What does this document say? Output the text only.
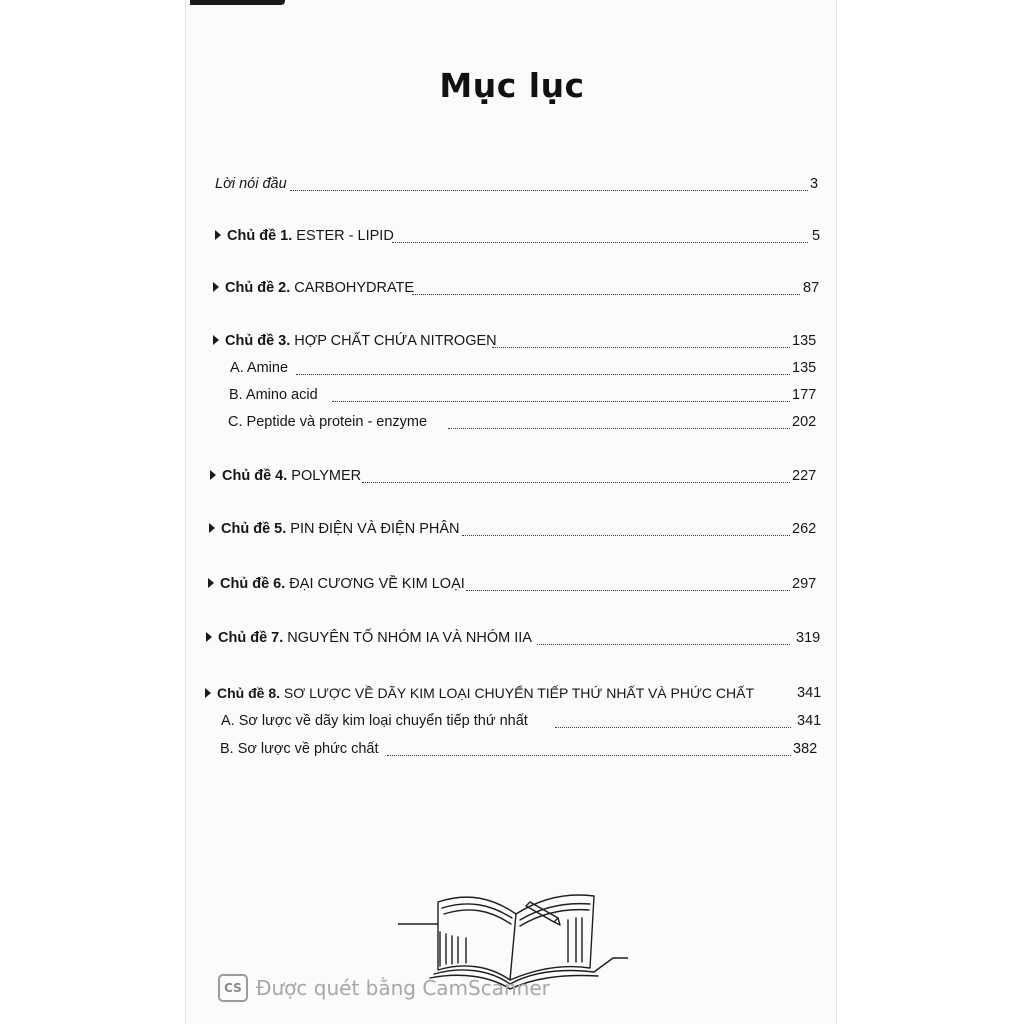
Mục lục
Lời nói đầu	3
Chủ đề 1. ESTER - LIPID	5
Chủ đề 2. CARBOHYDRATE	87
Chủ đề 3. HỢP CHẤT CHỨA NITROGEN	135
A. Amine	135
B. Amino acid	177
C. Peptide và protein - enzyme	202
Chủ đề 4. POLYMER	227
Chủ đề 5. PIN ĐIỆN VÀ ĐIỆN PHÂN	262
Chủ đề 6. ĐẠI CƯƠNG VỀ KIM LOẠI	297
Chủ đề 7. NGUYÊN TỐ NHÓM IA VÀ NHÓM IIA	319
Chủ đề 8. SƠ LƯỢC VỀ DÃY KIM LOẠI CHUYỂN TIẾP THỨ NHẤT VÀ PHỨC CHẤT	341
A. Sơ lược về dãy kim loại chuyển tiếp thứ nhất	341
B. Sơ lược về phức chất	382
CS Được quét bằng CamScanner
